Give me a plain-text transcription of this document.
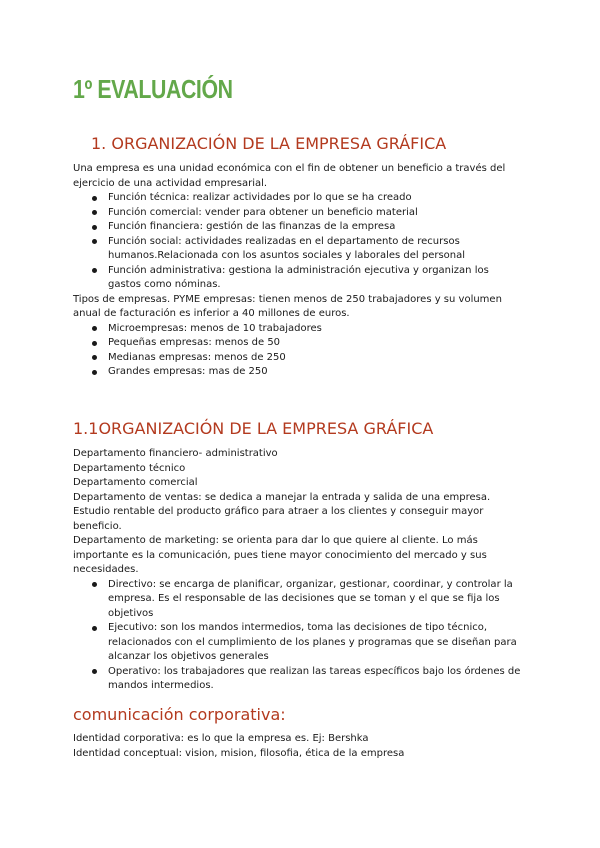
1º EVALUACIÓN
1. ORGANIZACIÓN DE LA EMPRESA GRÁFICA

Una empresa es una unidad económica con el fin de obtener un beneficio a través del ejercicio de una actividad empresarial.

Función técnica: realizar actividades por lo que se ha creado
Función comercial: vender para obtener un beneficio material
Función financiera: gestión de las finanzas de la empresa
Función social: actividades realizadas en el departamento de recursos humanos.Relacionada con los asuntos sociales y laborales del personal
Función administrativa: gestiona la administración ejecutiva y organizan los gastos como nóminas.

Tipos de empresas. PYME empresas: tienen menos de 250 trabajadores y su volumen anual de facturación es inferior a 40 millones de euros.

Microempresas: menos de 10 trabajadores
Pequeñas empresas: menos de 50
Medianas empresas: menos de 250
Grandes empresas: mas de 250
1.1ORGANIZACIÓN DE LA EMPRESA GRÁFICA

Departamento financiero- administrativo

Departamento técnico

Departamento comercial

Departamento de ventas: se dedica a manejar la entrada y salida de una empresa. Estudio rentable del producto gráfico para atraer a los clientes y conseguir mayor beneficio.

Departamento de marketing: se orienta para dar lo que quiere al cliente. Lo más importante es la comunicación, pues tiene mayor conocimiento del mercado y sus necesidades.

Directivo: se encarga de planificar, organizar, gestionar, coordinar, y controlar la empresa. Es el responsable de las decisiones que se toman y el que se fija los objetivos
Ejecutivo: son los mandos intermedios, toma las decisiones de tipo técnico, relacionados con el cumplimiento de los planes y programas que se diseñan para alcanzar los objetivos generales
Operativo: los trabajadores que realizan las tareas específicos bajo los órdenes de mandos intermedios.
comunicación corporativa:

Identidad corporativa: es lo que la empresa es. Ej: Bershka

Identidad conceptual: vision, mision, filosofia, ética de la empresa
